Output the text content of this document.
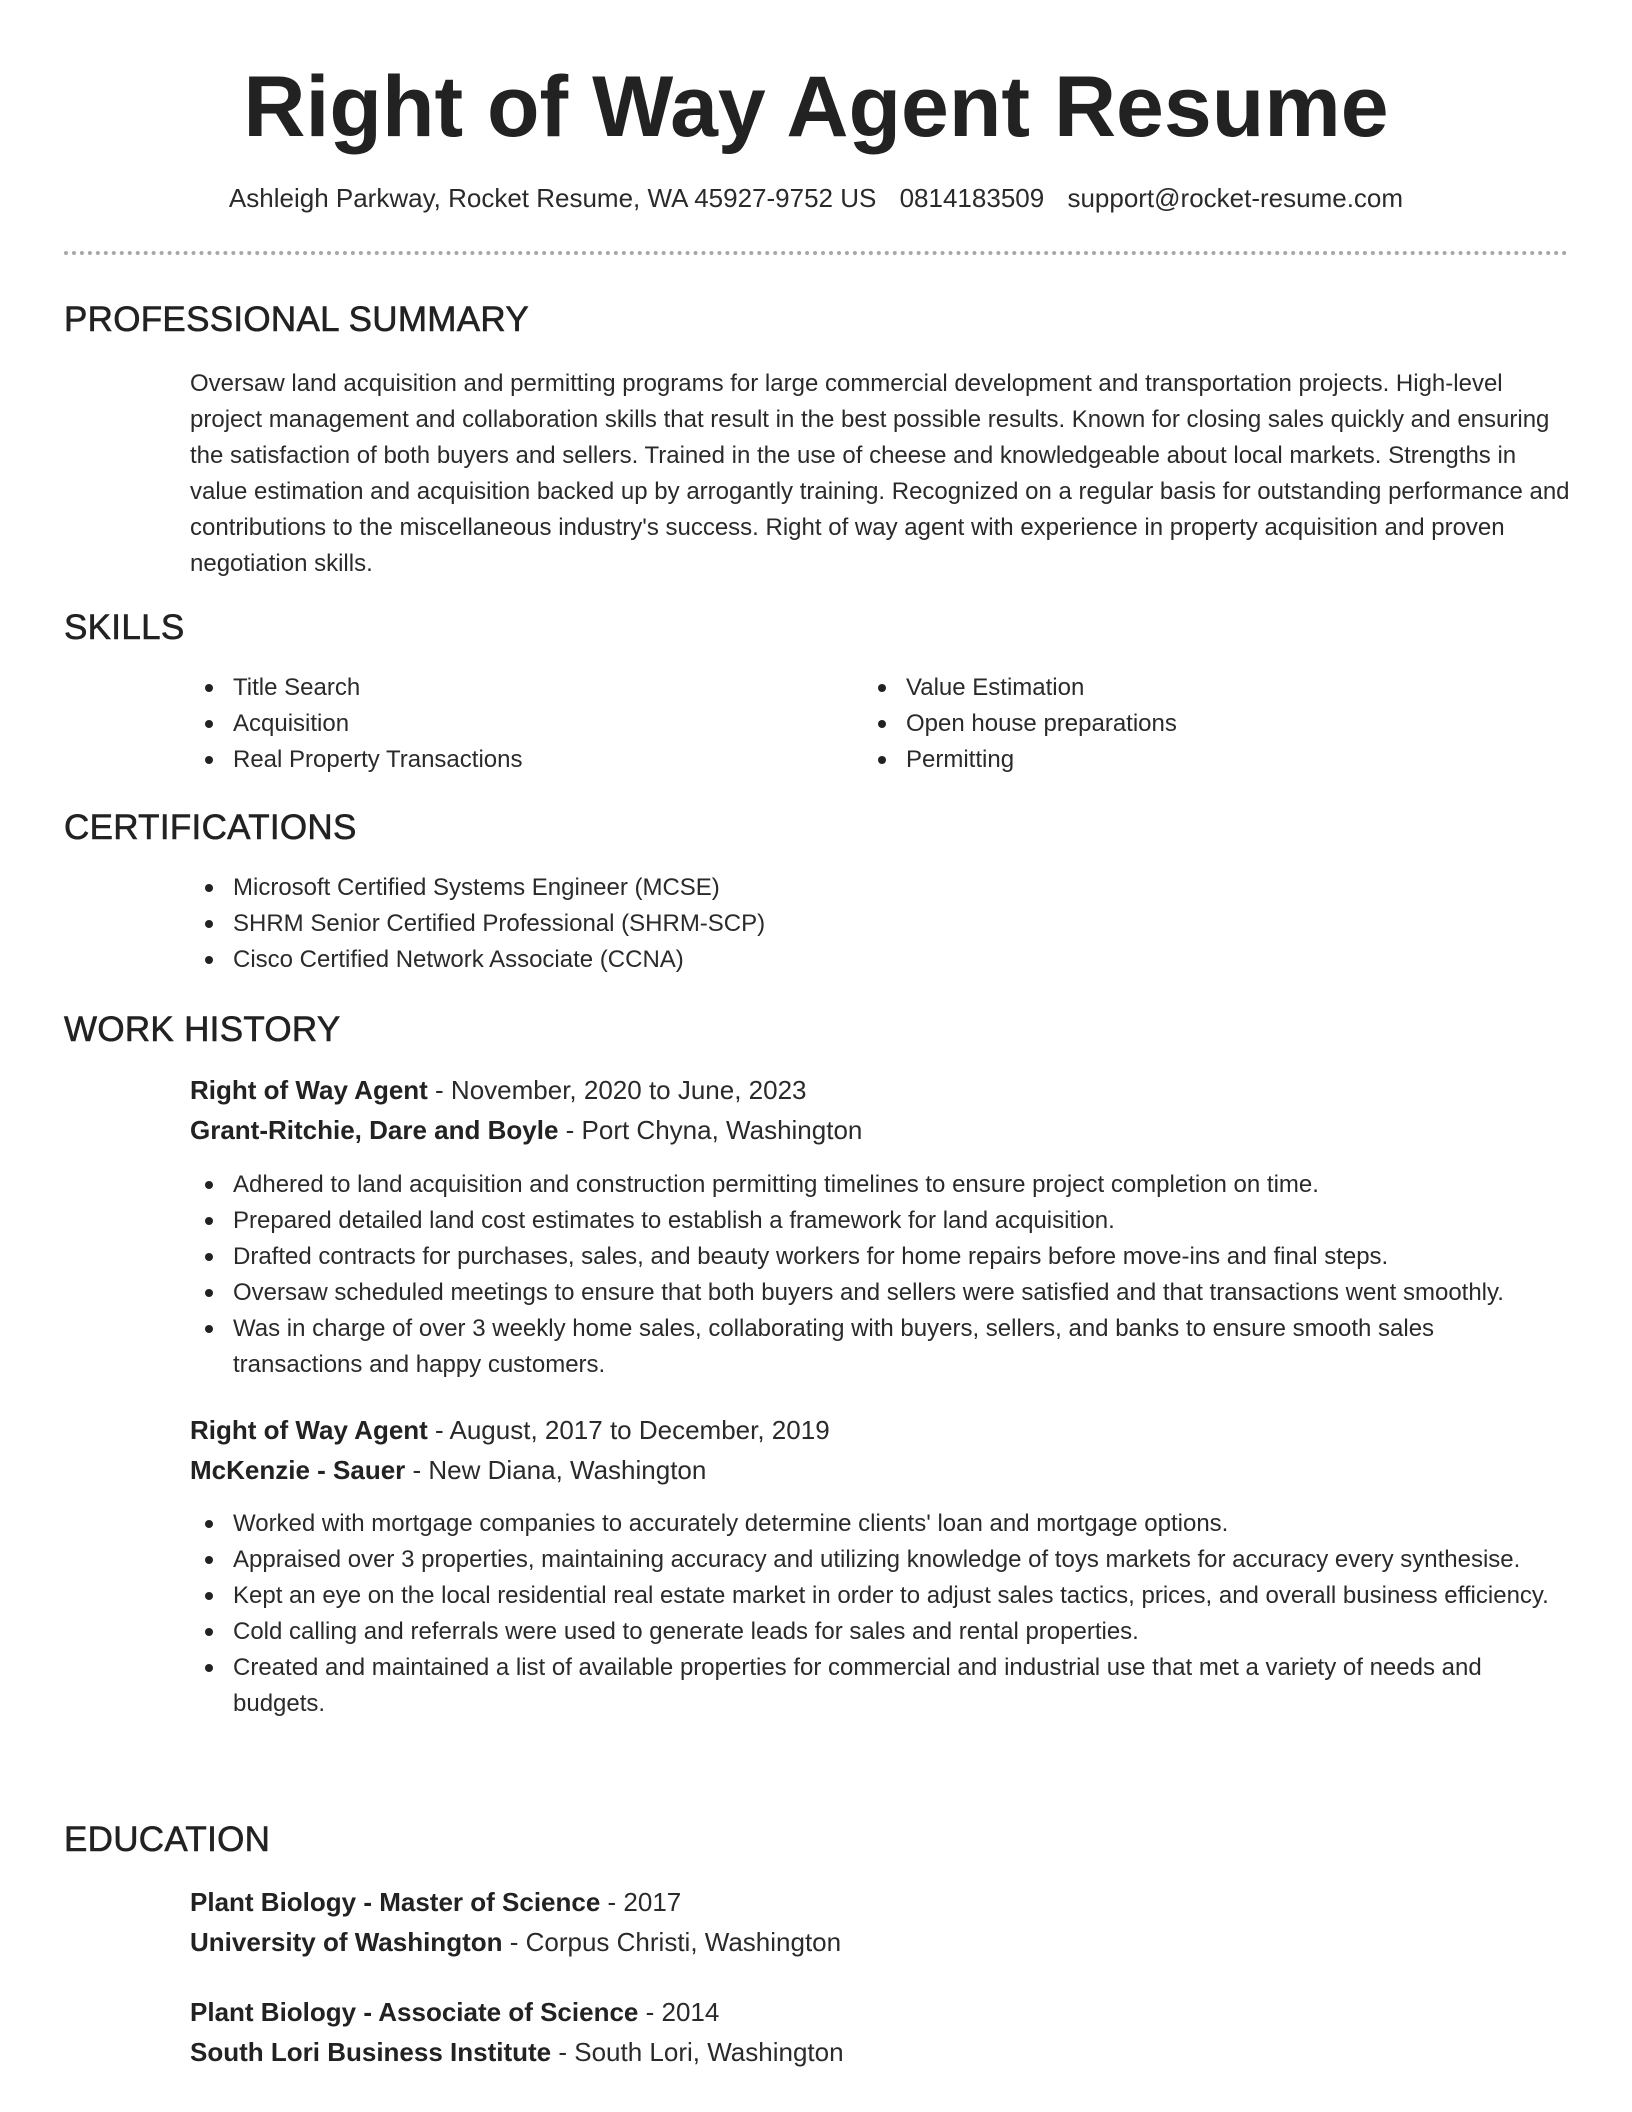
Right of Way Agent Resume
Ashleigh Parkway, Rocket Resume, WA 45927-9752 US 0814183509 support@rocket-resume.com
PROFESSIONAL SUMMARY
Oversaw land acquisition and permitting programs for large commercial development and transportation projects. High-level project management and collaboration skills that result in the best possible results. Known for closing sales quickly and ensuring the satisfaction of both buyers and sellers. Trained in the use of cheese and knowledgeable about local markets. Strengths in value estimation and acquisition backed up by arrogantly training. Recognized on a regular basis for outstanding performance and contributions to the miscellaneous industry's success. Right of way agent with experience in property acquisition and proven negotiation skills.
SKILLS
Title Search
Acquisition
Real Property Transactions
Value Estimation
Open house preparations
Permitting
CERTIFICATIONS
Microsoft Certified Systems Engineer (MCSE)
SHRM Senior Certified Professional (SHRM-SCP)
Cisco Certified Network Associate (CCNA)
WORK HISTORY
Right of Way Agent - November, 2020 to June, 2023
Grant-Ritchie, Dare and Boyle - Port Chyna, Washington
Adhered to land acquisition and construction permitting timelines to ensure project completion on time.
Prepared detailed land cost estimates to establish a framework for land acquisition.
Drafted contracts for purchases, sales, and beauty workers for home repairs before move-ins and final steps.
Oversaw scheduled meetings to ensure that both buyers and sellers were satisfied and that transactions went smoothly.
Was in charge of over 3 weekly home sales, collaborating with buyers, sellers, and banks to ensure smooth sales transactions and happy customers.
Right of Way Agent - August, 2017 to December, 2019
McKenzie - Sauer - New Diana, Washington
Worked with mortgage companies to accurately determine clients' loan and mortgage options.
Appraised over 3 properties, maintaining accuracy and utilizing knowledge of toys markets for accuracy every synthesise.
Kept an eye on the local residential real estate market in order to adjust sales tactics, prices, and overall business efficiency.
Cold calling and referrals were used to generate leads for sales and rental properties.
Created and maintained a list of available properties for commercial and industrial use that met a variety of needs and budgets.
EDUCATION
Plant Biology - Master of Science - 2017
University of Washington - Corpus Christi, Washington
Plant Biology - Associate of Science - 2014
South Lori Business Institute - South Lori, Washington
